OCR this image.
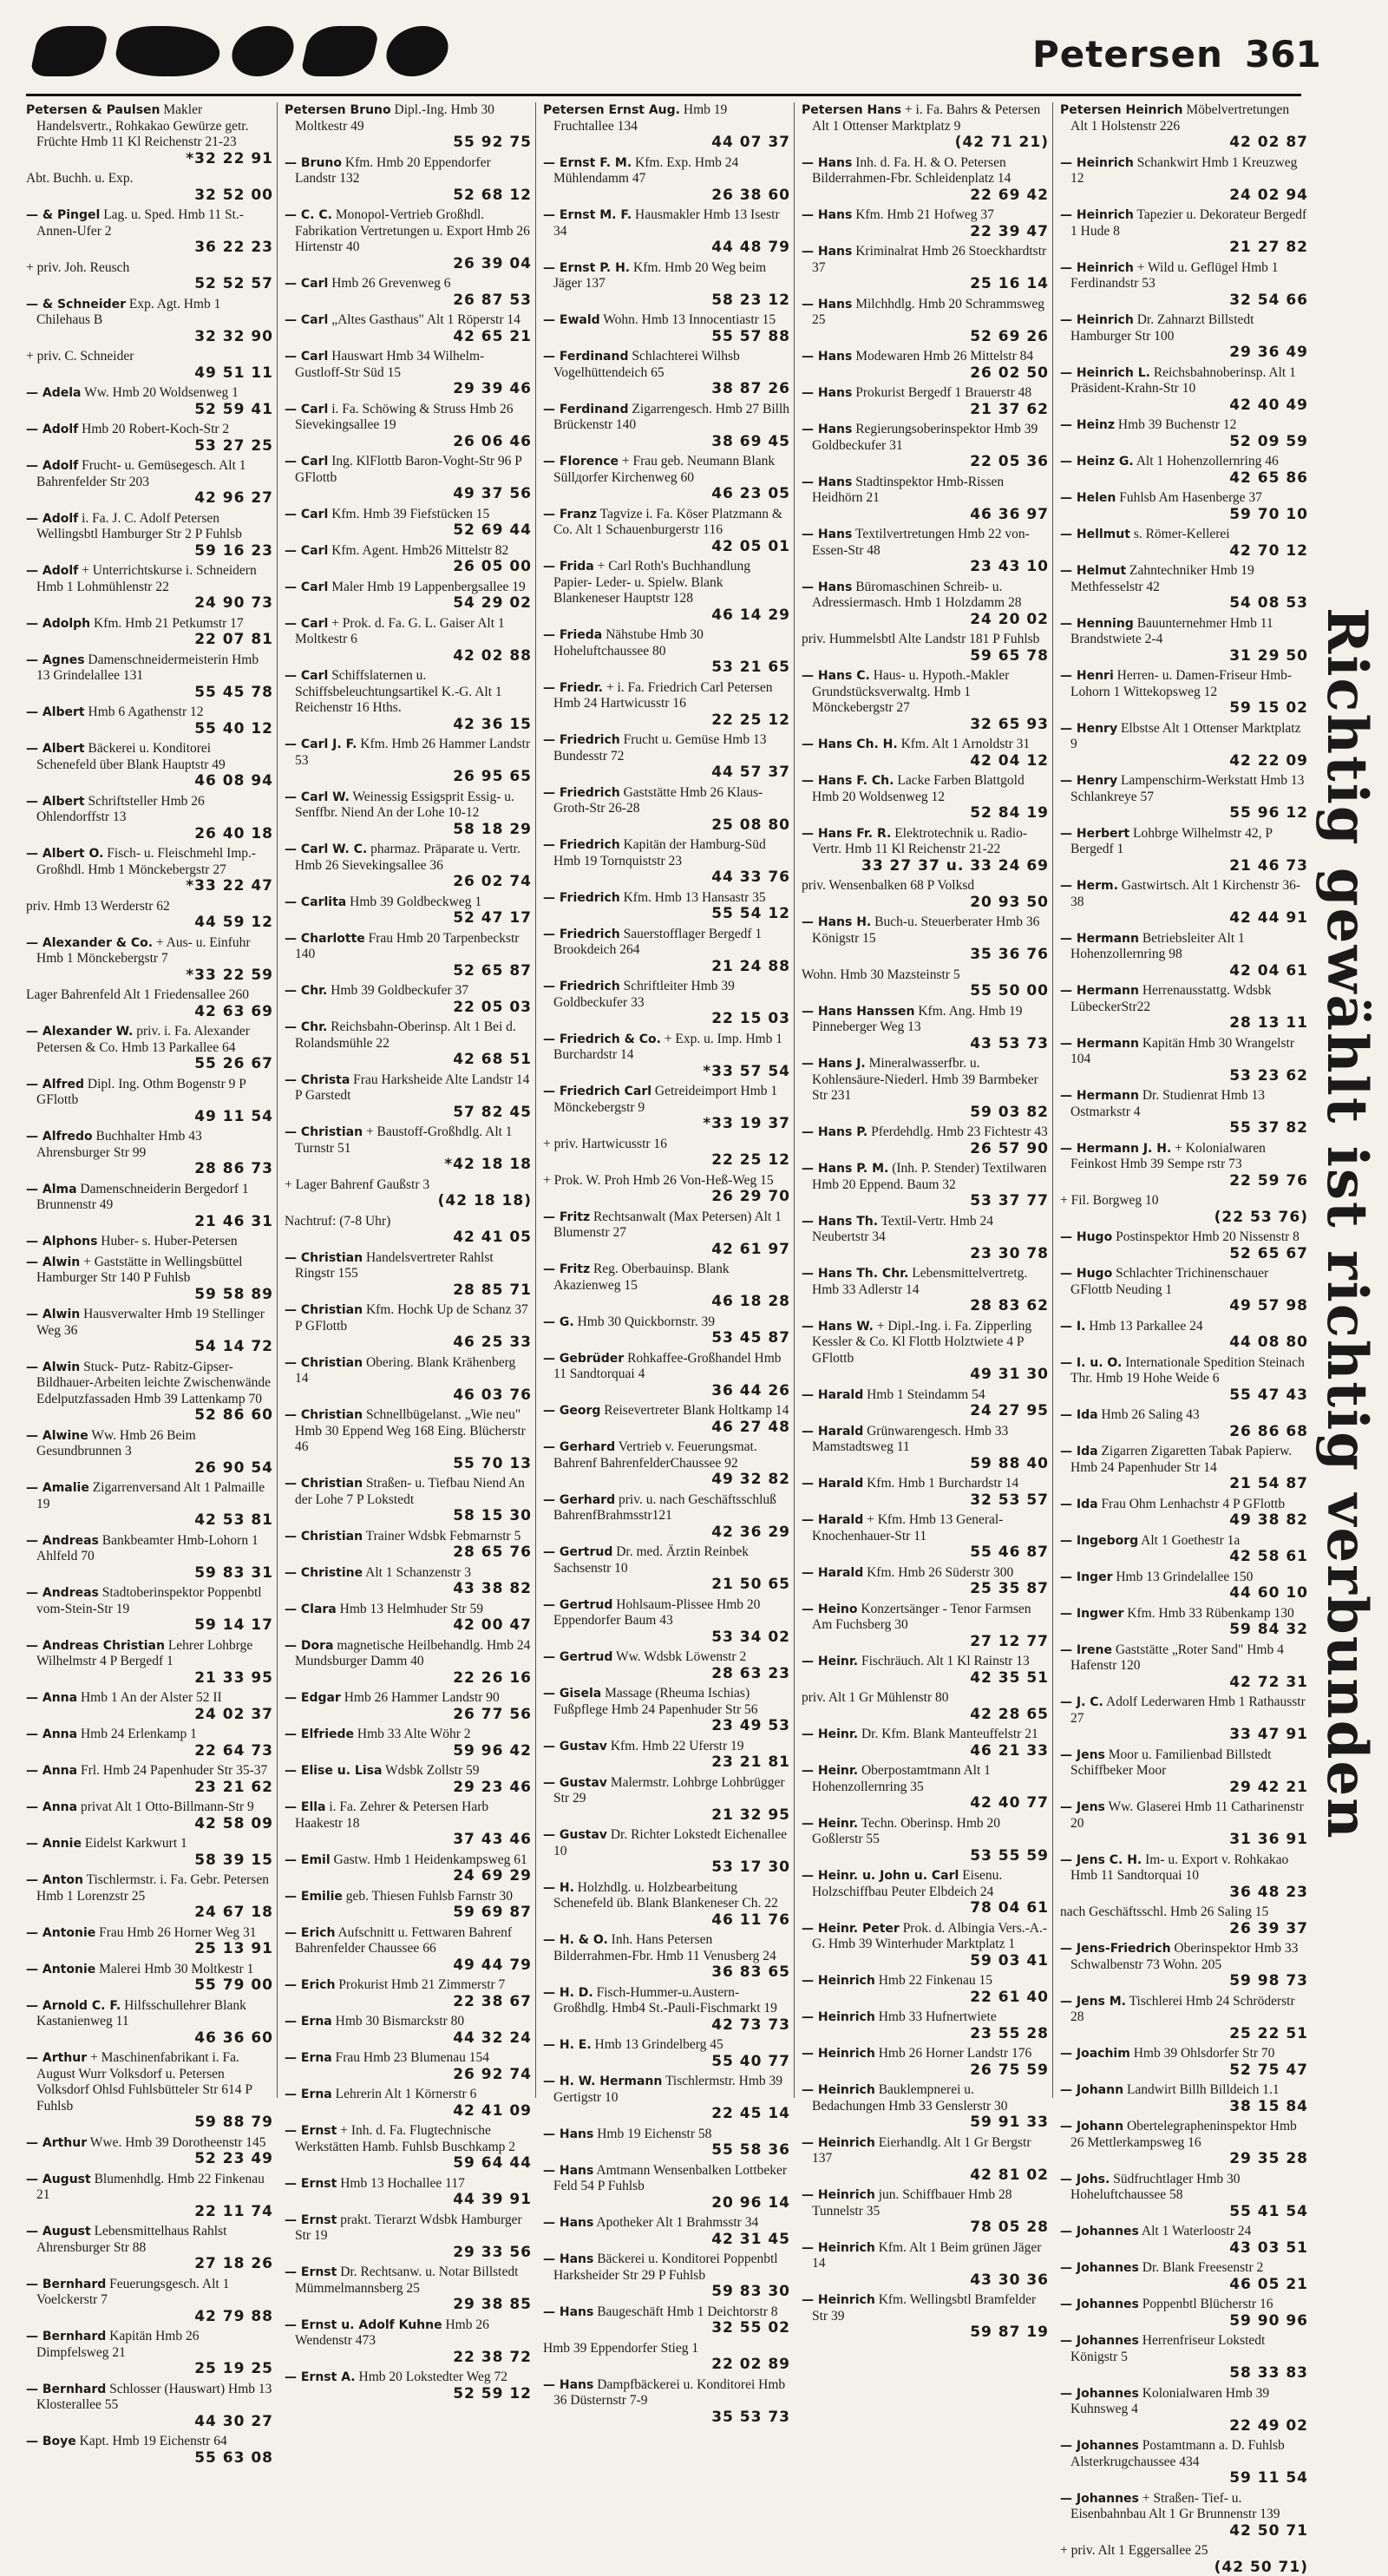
Petersen 361
Petersen & Paulsen Makler Handelsvertr., Rohkakao Gewürze getr. Früchte Hmb 11 Kl Reichenstr 21-23
*32 22 91
Abt. Buchh. u. Exp.
32 52 00
— & Pingel Lag. u. Sped. Hmb 11 St.-Annen-Ufer 2
36 22 23
+ priv. Joh. Reusch
52 52 57
— & Schneider Exp. Agt. Hmb 1 Chilehaus B
32 32 90
+ priv. C. Schneider
49 51 11
— Adela Ww. Hmb 20 Woldsenweg 1
52 59 41
— Adolf Hmb 20 Robert-Koch-Str 2
53 27 25
— Adolf Frucht- u. Gemüsegesch. Alt 1 Bahrenfelder Str 203
42 96 27
— Adolf i. Fa. J. C. Adolf Petersen Wellingsbtl Hamburger Str 2 P Fuhlsb
59 16 23
— Adolf + Unterrichtskurse i. Schneidern Hmb 1 Lohmühlenstr 22
24 90 73
— Adolph Kfm. Hmb 21 Petkumstr 17
22 07 81
— Agnes Damenschneidermeisterin Hmb 13 Grindelallee 131
55 45 78
— Albert Hmb 6 Agathenstr 12
55 40 12
— Albert Bäckerei u. Konditorei Schenefeld über Blank Hauptstr 49
46 08 94
— Albert Schriftsteller Hmb 26 Ohlendorffstr 13
26 40 18
— Albert O. Fisch- u. Fleischmehl Imp.-Großhdl. Hmb 1 Mönckebergstr 27
*33 22 47
priv. Hmb 13 Werderstr 62
44 59 12
— Alexander & Co. + Aus- u. Einfuhr Hmb 1 Mönckebergstr 7
*33 22 59
Lager Bahrenfeld Alt 1 Friedensallee 260
42 63 69
— Alexander W. priv. i. Fa. Alexander Petersen & Co. Hmb 13 Parkallee 64
55 26 67
— Alfred Dipl. Ing. Othm Bogenstr 9 P GFlottb
49 11 54
— Alfredo Buchhalter Hmb 43 Ahrensburger Str 99
28 86 73
— Alma Damenschneiderin Bergedorf 1 Brunnenstr 49
21 46 31
— Alphons Huber- s. Huber-Petersen
— Alwin + Gaststätte in Wellingsbüttel Hamburger Str 140 P Fuhlsb
59 58 89
— Alwin Hausverwalter Hmb 19 Stellinger Weg 36
54 14 72
— Alwin Stuck- Putz- Rabitz-Gipser-Bildhauer-Arbeiten leichte Zwischenwände Edelputzfassaden Hmb 39 Lattenkamp 70
52 86 60
— Alwine Ww. Hmb 26 Beim Gesundbrunnen 3
26 90 54
— Amalie Zigarrenversand Alt 1 Palmaille 19
42 53 81
— Andreas Bankbeamter Hmb-Lohorn 1 Ahlfeld 70
59 83 31
— Andreas Stadtoberinspektor Poppenbtl vom-Stein-Str 19
59 14 17
— Andreas Christian Lehrer Lohbrgе Wilhelmstr 4 P Bergedf 1
21 33 95
— Anna Hmb 1 An der Alster 52 II
24 02 37
— Anna Hmb 24 Erlenkamp 1
22 64 73
— Anna Frl. Hmb 24 Papenhuder Str 35-37
23 21 62
— Anna privat Alt 1 Otto-Billmann-Str 9
42 58 09
— Annie Eidelst Karkwurt 1
58 39 15
— Anton Tischlermstr. i. Fa. Gebr. Petersen Hmb 1 Lorenzstr 25
24 67 18
— Antonie Frau Hmb 26 Horner Weg 31
25 13 91
— Antonie Malerei Hmb 30 Moltkestr 1
55 79 00
— Arnold C. F. Hilfsschullehrer Blank Kastanienweg 11
46 36 60
— Arthur + Maschinenfabrikant i. Fa. August Wurr Volksdorf u. Petersen Volksdorf Ohlsd Fuhlsbütteler Str 614 P Fuhlsb
59 88 79
— Arthur Wwe. Hmb 39 Dorotheenstr 145
52 23 49
— August Blumenhdlg. Hmb 22 Finkenau 21
22 11 74
— August Lebensmittelhaus Rahlst Ahrensburger Str 88
27 18 26
— Bernhard Feuerungsgesch. Alt 1 Voelckerstr 7
42 79 88
— Bernhard Kapitän Hmb 26 Dimpfelsweg 21
25 19 25
— Bernhard Schlosser (Hauswart) Hmb 13 Klosterallee 55
44 30 27
— Boye Kapt. Hmb 19 Eichenstr 64
55 63 08
Petersen Bruno Dipl.-Ing. Hmb 30 Moltkestr 49
55 92 75
— Bruno Kfm. Hmb 20 Eppendorfer Landstr 132
52 68 12
— C. C. Monopol-Vertrieb Großhdl. Fabrikation Vertretungen u. Export Hmb 26 Hirtenstr 40
26 39 04
— Carl Hmb 26 Grevenweg 6
26 87 53
— Carl „Altes Gasthaus" Alt 1 Röperstr 14
42 65 21
— Carl Hauswart Hmb 34 Wilhelm-Gustloff-Str Süd 15
29 39 46
— Carl i. Fa. Schöwing & Struss Hmb 26 Sievekingsallee 19
26 06 46
— Carl Ing. KlFlottb Baron-Voght-Str 96 P GFlottb
49 37 56
— Carl Kfm. Hmb 39 Fiefstücken 15
52 69 44
— Carl Kfm. Agent. Hmb26 Mittelstr 82
26 05 00
— Carl Maler Hmb 19 Lappenbergsallee 19
54 29 02
— Carl + Prok. d. Fa. G. L. Gaiser Alt 1 Moltkestr 6
42 02 88
— Carl Schiffslaternen u. Schiffsbeleuchtungsartikel K.-G. Alt 1 Reichenstr 16 Hths.
42 36 15
— Carl J. F. Kfm. Hmb 26 Hammer Landstr 53
26 95 65
— Carl W. Weinessig Essigsprit Essig- u. Senffbr. Niend An der Lohe 10-12
58 18 29
— Carl W. C. pharmaz. Präparate u. Vertr. Hmb 26 Sievekingsallee 36
26 02 74
— Carlita Hmb 39 Goldbeckweg 1
52 47 17
— Charlotte Frau Hmb 20 Tarpenbeckstr 140
52 65 87
— Chr. Hmb 39 Goldbeckufer 37
22 05 03
— Chr. Reichsbahn-Oberinsp. Alt 1 Bei d. Rolandsmühle 22
42 68 51
— Christa Frau Harksheide Alte Landstr 14 P Garstedt
57 82 45
— Christian + Baustoff-Großhdlg. Alt 1 Turnstr 51
*42 18 18
+ Lager Bahrenf Gaußstr 3
(42 18 18)
Nachtruf: (7-8 Uhr)
42 41 05
— Christian Handelsvertreter Rahlst Ringstr 155
28 85 71
— Christian Kfm. Hochk Up de Schanz 37 P GFlottb
46 25 33
— Christian Obering. Blank Krähenberg 14
46 03 76
— Christian Schnellbügelanst. „Wie neu" Hmb 30 Eppend Weg 168 Eing. Blücherstr 46
55 70 13
— Christian Straßen- u. Tiefbau Niend An der Lohe 7 P Lokstedt
58 15 30
— Christian Trainer Wdsbk Febmarnstr 5
28 65 76
— Christine Alt 1 Schanzenstr 3
43 38 82
— Clara Hmb 13 Helmhuder Str 59
42 00 47
— Dora magnetische Heilbehandlg. Hmb 24 Mundsburger Damm 40
22 26 16
— Edgar Hmb 26 Hammer Landstr 90
26 77 56
— Elfriede Hmb 33 Alte Wöhr 2
59 96 42
— Elise u. Lisa Wdsbk Zollstr 59
29 23 46
— Ella i. Fa. Zehrer & Petersen Harb Haakestr 18
37 43 46
— Emil Gastw. Hmb 1 Heidenkampsweg 61
24 69 29
— Emilie geb. Thiesen Fuhlsb Farnstr 30
59 69 87
— Erich Aufschnitt u. Fettwaren Bahrenf Bahrenfelder Chaussee 66
49 44 79
— Erich Prokurist Hmb 21 Zimmerstr 7
22 38 67
— Erna Hmb 30 Bismarckstr 80
44 32 24
— Erna Frau Hmb 23 Blumenau 154
26 92 74
— Erna Lehrerin Alt 1 Körnerstr 6
42 41 09
— Ernst + Inh. d. Fa. Flugtechnische Werkstätten Hamb. Fuhlsb Buschkamp 2
59 64 44
— Ernst Hmb 13 Hochallee 117
44 39 91
— Ernst prakt. Tierarzt Wdsbk Hamburger Str 19
29 33 56
— Ernst Dr. Rechtsanw. u. Notar Billstedt Mümmelmannsberg 25
29 38 85
— Ernst u. Adolf Kuhne Hmb 26 Wendenstr 473
22 38 72
— Ernst A. Hmb 20 Lokstedter Weg 72
52 59 12
Petersen Ernst Aug. Hmb 19 Fruchtallee 134
44 07 37
— Ernst F. M. Kfm. Exp. Hmb 24 Mühlendamm 47
26 38 60
— Ernst M. F. Hausmakler Hmb 13 Isestr 34
44 48 79
— Ernst P. H. Kfm. Hmb 20 Weg beim Jäger 137
58 23 12
— Ewald Wohn. Hmb 13 Innocentiastr 15
55 57 88
— Ferdinand Schlachterei Wilhsb Vogelhüttendeich 65
38 87 26
— Ferdinand Zigarrengesch. Hmb 27 Billh Brückenstr 140
38 69 45
— Florence + Frau geb. Neumann Blank Süllдorfer Kirchenweg 60
46 23 05
— Franz Tagvize i. Fa. Köser Platzmann & Co. Alt 1 Schauenburgerstr 116
42 05 01
— Frida + Carl Roth's Buchhandlung Papier- Leder- u. Spielw. Blank Blankeneser Hauptstr 128
46 14 29
— Frieda Nähstube Hmb 30 Hoheluftchaussee 80
53 21 65
— Friedr. + i. Fa. Friedrich Carl Petersen Hmb 24 Hartwicusstr 16
22 25 12
— Friedrich Frucht u. Gemüse Hmb 13 Bundesstr 72
44 57 37
— Friedrich Gaststätte Hmb 26 Klaus-Groth-Str 26-28
25 08 80
— Friedrich Kapitän der Hamburg-Süd Hmb 19 Tornquiststr 23
44 33 76
— Friedrich Kfm. Hmb 13 Hansastr 35
55 54 12
— Friedrich Sauerstofflager Bergedf 1 Brookdeich 264
21 24 88
— Friedrich Schriftleiter Hmb 39 Goldbeckufer 33
22 15 03
— Friedrich & Co. + Exp. u. Imp. Hmb 1 Burchardstr 14
*33 57 54
— Friedrich Carl Getreideimport Hmb 1 Mönckebergstr 9
*33 19 37
+ priv. Hartwicusstr 16
22 25 12
+ Prok. W. Proh Hmb 26 Von-Heß-Weg 15
26 29 70
— Fritz Rechtsanwalt (Max Petersen) Alt 1 Blumenstr 27
42 61 97
— Fritz Reg. Oberbauinsp. Blank Akazienweg 15
46 18 28
— G. Hmb 30 Quickbornstr. 39
53 45 87
— Gebrüder Rohkaffee-Großhandel Hmb 11 Sandtorquai 4
36 44 26
— Georg Reisevertreter Blank Holtkamp 14
46 27 48
— Gerhard Vertrieb v. Feuerungsmat. Bahrenf BahrenfelderChaussee 92
49 32 82
— Gerhard priv. u. nach Geschäftsschluß BahrenfBrahmsstr121
42 36 29
— Gertrud Dr. med. Ärztin Reinbek Sachsenstr 10
21 50 65
— Gertrud Hohlsaum-Plissee Hmb 20 Eppendorfer Baum 43
53 34 02
— Gertrud Ww. Wdsbk Löwenstr 2
28 63 23
— Gisela Massage (Rheuma Ischias) Fußpflege Hmb 24 Papenhuder Str 56
23 49 53
— Gustav Kfm. Hmb 22 Uferstr 19
23 21 81
— Gustav Malermstr. Lohbrgе Lohbrügger Str 29
21 32 95
— Gustav Dr. Richter Lokstedt Eichenallee 10
53 17 30
— H. Holzhdlg. u. Holzbearbeitung Schenefeld üb. Blank Blankeneser Ch. 22
46 11 76
— H. & O. Inh. Hans Petersen Bilderrahmen-Fbr. Hmb 11 Venusberg 24
36 83 65
— H. D. Fisch-Hummer-u.Austern-Großhdlg. Hmb4 St.-Pauli-Fischmarkt 19
42 73 73
— H. E. Hmb 13 Grindelberg 45
55 40 77
— H. W. Hermann Tischlermstr. Hmb 39 Gertigstr 10
22 45 14
— Hans Hmb 19 Eichenstr 58
55 58 36
— Hans Amtmann Wensenbalken Lottbeker Feld 54 P Fuhlsb
20 96 14
— Hans Apotheker Alt 1 Brahmsstr 34
42 31 45
— Hans Bäckerei u. Konditorei Poppenbtl Harksheider Str 29 P Fuhlsb
59 83 30
— Hans Baugeschäft Hmb 1 Deichtorstr 8
32 55 02
Hmb 39 Eppendorfer Stieg 1
22 02 89
— Hans Dampfbäckerei u. Konditorei Hmb 36 Düsternstr 7-9
35 53 73
Petersen Hans + i. Fa. Bahrs & Petersen Alt 1 Ottenser Marktplatz 9
(42 71 21)
— Hans Inh. d. Fa. H. & O. Petersen Bilderrahmen-Fbr. Schleidenplatz 14
22 69 42
— Hans Kfm. Hmb 21 Hofweg 37
22 39 47
— Hans Kriminalrat Hmb 26 Stoeckhardtstr 37
25 16 14
— Hans Milchhdlg. Hmb 20 Schrammsweg 25
52 69 26
— Hans Modewaren Hmb 26 Mittelstr 84
26 02 50
— Hans Prokurist Bergedf 1 Brauerstr 48
21 37 62
— Hans Regierungsoberinspektor Hmb 39 Goldbeckufer 31
22 05 36
— Hans Stadtinspektor Hmb-Rissen Heidhörn 21
46 36 97
— Hans Textilvertretungen Hmb 22 von-Essen-Str 48
23 43 10
— Hans Büromaschinen Schreib- u. Adressiermasch. Hmb 1 Holzdamm 28
24 20 02
priv. Hummelsbtl Alte Landstr 181 P Fuhlsb
59 65 78
— Hans C. Haus- u. Hypoth.-Makler Grundstücksverwaltg. Hmb 1 Mönckebergstr 27
32 65 93
— Hans Ch. H. Kfm. Alt 1 Arnoldstr 31
42 04 12
— Hans F. Ch. Lacke Farben Blattgold Hmb 20 Woldsenweg 12
52 84 19
— Hans Fr. R. Elektrotechnik u. Radio-Vertr. Hmb 11 Kl Reichenstr 21-22
33 27 37 u. 33 24 69
priv. Wensenbalken 68 P Volksd
20 93 50
— Hans H. Buch-u. Steuerberater Hmb 36 Königstr 15
35 36 76
Wohn. Hmb 30 Mazsteinstr 5
55 50 00
— Hans Hanssen Kfm. Ang. Hmb 19 Pinneberger Weg 13
43 53 73
— Hans J. Mineralwasserfbr. u. Kohlensäure-Niederl. Hmb 39 Barmbeker Str 231
59 03 82
— Hans P. Pferdehdlg. Hmb 23 Fichtestr 43
26 57 90
— Hans P. M. (Inh. P. Stender) Textilwaren Hmb 20 Eppend. Baum 32
53 37 77
— Hans Th. Textil-Vertr. Hmb 24 Neubertstr 34
23 30 78
— Hans Th. Chr. Lebensmittelvertretg. Hmb 33 Adlerstr 14
28 83 62
— Hans W. + Dipl.-Ing. i. Fa. Zipperling Kessler & Co. Kl Flottb Holztwiete 4 P GFlottb
49 31 30
— Harald Hmb 1 Steindamm 54
24 27 95
— Harald Grünwarengesch. Hmb 33 Mamstadtsweg 11
59 88 40
— Harald Kfm. Hmb 1 Burchardstr 14
32 53 57
— Harald + Kfm. Hmb 13 General-Knochenhauer-Str 11
55 46 87
— Harald Kfm. Hmb 26 Süderstr 300
25 35 87
— Heino Konzertsänger - Tenor Farmsen Am Fuchsberg 30
27 12 77
— Heinr. Fischräuch. Alt 1 Kl Rainstr 13
42 35 51
priv. Alt 1 Gr Mühlenstr 80
42 28 65
— Heinr. Dr. Kfm. Blank Manteuffelstr 21
46 21 33
— Heinr. Oberpostamtmann Alt 1 Hohenzollernring 35
42 40 77
— Heinr. Techn. Oberinsp. Hmb 20 Goßlerstr 55
53 55 59
— Heinr. u. John u. Carl Eisenu. Holzschiffbau Peuter Elbdeich 24
78 04 61
— Heinr. Peter Prok. d. Albingia Vers.-A.-G. Hmb 39 Winterhuder Marktplatz 1
59 03 41
— Heinrich Hmb 22 Finkenau 15
22 61 40
— Heinrich Hmb 33 Hufnertwiete
23 55 28
— Heinrich Hmb 26 Horner Landstr 176
26 75 59
— Heinrich Bauklempnerei u. Bedachungen Hmb 33 Genslerstr 30
59 91 33
— Heinrich Eierhandlg. Alt 1 Gr Bergstr 137
42 81 02
— Heinrich jun. Schiffbauer Hmb 28 Tunnelstr 35
78 05 28
— Heinrich Kfm. Alt 1 Beim grünen Jäger 14
43 30 36
— Heinrich Kfm. Wellingsbtl Bramfelder Str 39
59 87 19
Petersen Heinrich Möbelvertretungen Alt 1 Holstenstr 226
42 02 87
— Heinrich Schankwirt Hmb 1 Kreuzweg 12
24 02 94
— Heinrich Tapezier u. Dekorateur Bergedf 1 Hude 8
21 27 82
— Heinrich + Wild u. Geflügel Hmb 1 Ferdinandstr 53
32 54 66
— Heinrich Dr. Zahnarzt Billstedt Hamburger Str 100
29 36 49
— Heinrich L. Reichsbahnoberinsp. Alt 1 Präsident-Krahn-Str 10
42 40 49
— Heinz Hmb 39 Buchenstr 12
52 09 59
— Heinz G. Alt 1 Hohenzollernring 46
42 65 86
— Helen Fuhlsb Am Hasenberge 37
59 70 10
— Hellmut s. Römer-Kellerei
42 70 12
— Helmut Zahntechniker Hmb 19 Methfesselstr 42
54 08 53
— Henning Bauunternehmer Hmb 11 Brandstwiete 2-4
31 29 50
— Henri Herren- u. Damen-Friseur Hmb-Lohorn 1 Wittekopsweg 12
59 15 02
— Henry Elbstse Alt 1 Ottenser Marktplatz 9
42 22 09
— Henry Lampenschirm-Werkstatt Hmb 13 Schlankreye 57
55 96 12
— Herbert Lohbrgе Wilhelmstr 42, P Bergedf 1
21 46 73
— Herm. Gastwirtsch. Alt 1 Kirchenstr 36-38
42 44 91
— Hermann Betriebsleiter Alt 1 Hohenzollernring 98
42 04 61
— Hermann Herrenausstattg. Wdsbk LübeckerStr22
28 13 11
— Hermann Kapitän Hmb 30 Wrangelstr 104
53 23 62
— Hermann Dr. Studienrat Hmb 13 Ostmarkstr 4
55 37 82
— Hermann J. H. + Kolonialwaren Feinkost Hmb 39 Sempe rstr 73
22 59 76
+ Fil. Borgweg 10
(22 53 76)
— Hugo Postinspektor Hmb 20 Nissenstr 8
52 65 67
— Hugo Schlachter Trichinenschauer GFlottb Neuding 1
49 57 98
— I. Hmb 13 Parkallee 24
44 08 80
— I. u. O. Internationale Spedition Steinach Thr. Hmb 19 Hohe Weide 6
55 47 43
— Ida Hmb 26 Saling 43
26 86 68
— Ida Zigarren Zigaretten Tabak Papierw. Hmb 24 Papenhuder Str 14
21 54 87
— Ida Frau Ohm Lenhachstr 4 P GFlottb
49 38 82
— Ingeborg Alt 1 Goethestr 1a
42 58 61
— Inger Hmb 13 Grindelallee 150
44 60 10
— Ingwer Kfm. Hmb 33 Rübenkamp 130
59 84 32
— Irene Gaststätte „Roter Sand" Hmb 4 Hafenstr 120
42 72 31
— J. C. Adolf Lederwaren Hmb 1 Rathausstr 27
33 47 91
— Jens Moor u. Familienbad Billstedt Schiffbeker Moor
29 42 21
— Jens Ww. Glaserei Hmb 11 Catharinenstr 20
31 36 91
— Jens C. H. Im- u. Export v. Rohkakao Hmb 11 Sandtorquai 10
36 48 23
nach Geschäftsschl. Hmb 26 Saling 15
26 39 37
— Jens-Friedrich Oberinspektor Hmb 33 Schwalbenstr 73 Wohn. 205
59 98 73
— Jens M. Tischlerei Hmb 24 Schröderstr 28
25 22 51
— Joachim Hmb 39 Ohlsdorfer Str 70
52 75 47
— Johann Landwirt Billh Billdeich 1.1
38 15 84
— Johann Obertelegrapheninspektor Hmb 26 Mettlerkampsweg 16
29 35 28
— Johs. Südfruchtlager Hmb 30 Hoheluftchaussee 58
55 41 54
— Johannes Alt 1 Waterloostr 24
43 03 51
— Johannes Dr. Blank Freesenstr 2
46 05 21
— Johannes Poppenbtl Blücherstr 16
59 90 96
— Johannes Herrenfriseur Lokstedt Königstr 5
58 33 83
— Johannes Kolonialwaren Hmb 39 Kuhnsweg 4
22 49 02
— Johannes Postamtmann a. D. Fuhlsb Alsterkrugchaussee 434
59 11 54
— Johannes + Straßen- Tief- u. Eisenbahnbau Alt 1 Gr Brunnenstr 139
42 50 71
+ priv. Alt 1 Eggersallee 25
(42 50 71)
Richtig gewählt ist richtig verbunden
